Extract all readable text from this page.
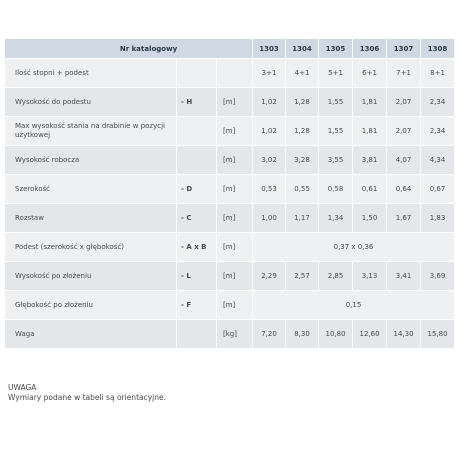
Nr katalogowy			1303	1304	1305	1306	1307	1308
Ilość stopni + podest			3+1	4+1	5+1	6+1	7+1	8+1
Wysokość do podestu	- H	[m]	1,02	1,28	1,55	1,81	2,07	2,34
Max wysokość stania na drabinie w pozycji użytkowej		[m]	1,02	1,28	1,55	1,81	2,07	2,34
Wysokość robocza		[m]	3,02	3,28	3,55	3,81	4,07	4,34
Szerokość	- D	[m]	0,53	0,55	0,58	0,61	0,64	0,67
Rozstaw	- C	[m]	1,00	1,17	1,34	1,50	1,67	1,83
Podest (szerokość x głębokość)	- A x B	[m]	0,37 x 0,36					
Wysokość po złożeniu	- L	[m]	2,29	2,57	2,85	3,13	3,41	3,69
Głębokość po złożeniu	- F	[m]	0,15					
Waga		[kg]	7,20	8,30	10,80	12,60	14,30	15,80
UWAGA
Wymiary podane w tabeli są orientacyjne.
